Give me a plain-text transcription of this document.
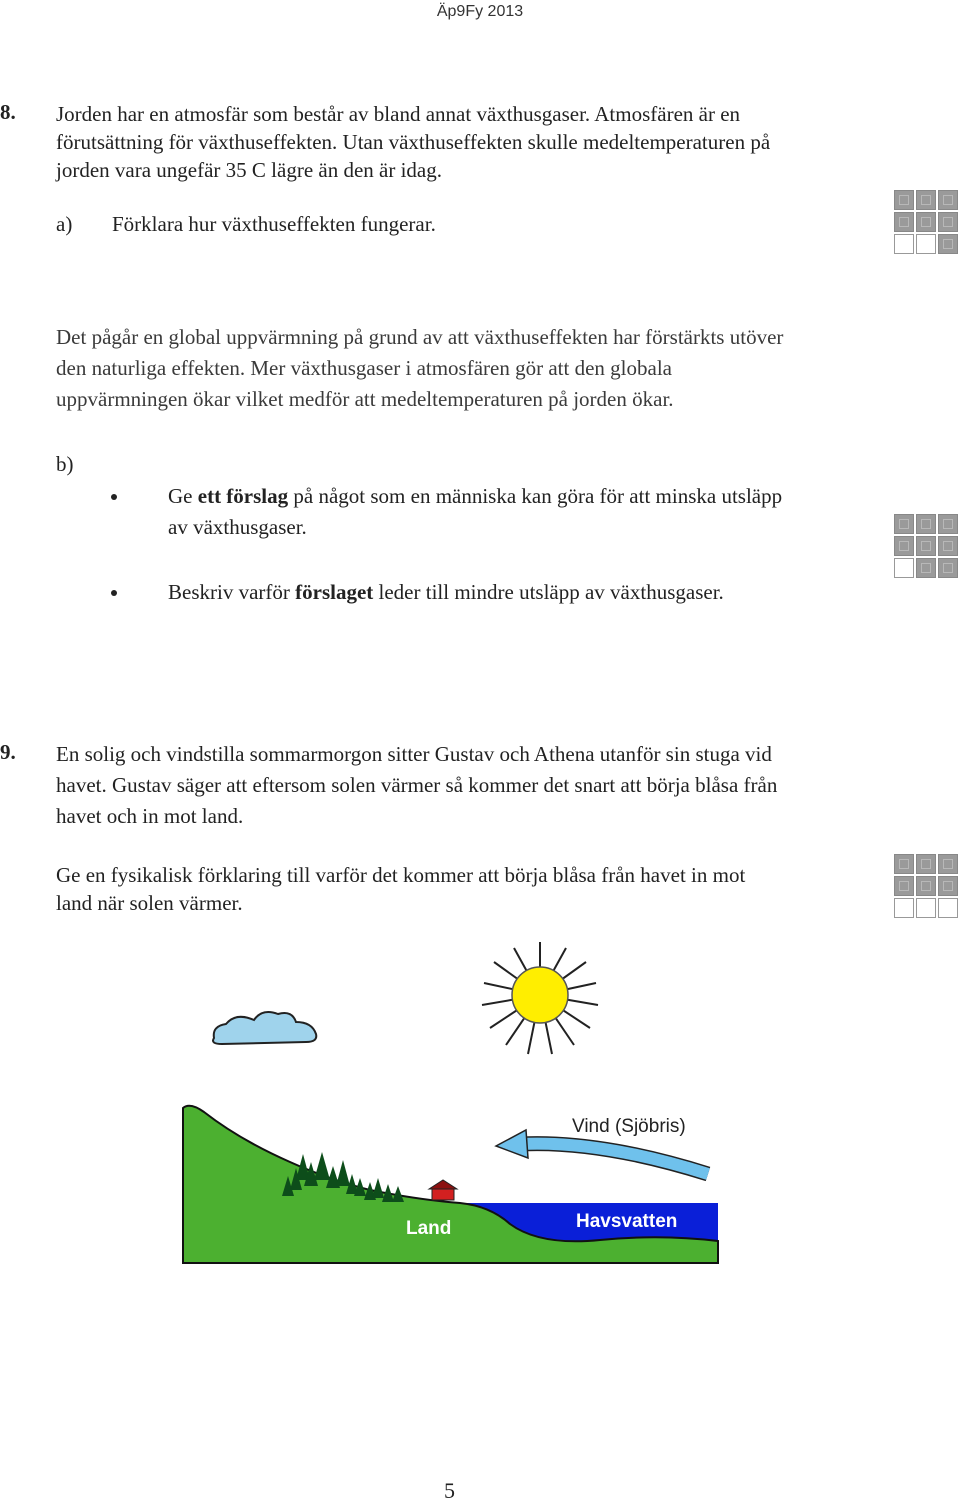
Äp9Fy 2013
8. Jorden har en atmosfär som består av bland annat växthusgaser. Atmosfären är en
förutsättning för växthuseffekten. Utan växthuseffekten skulle medeltemperaturen på
jorden vara ungefär 35 C lägre än den är idag.
a) Förklara hur växthuseffekten fungerar.
Det pågår en global uppvärmning på grund av att växthuseffekten har förstärkts utöver
den naturliga effekten. Mer växthusgaser i atmosfären gör att den globala
uppvärmningen ökar vilket medför att medeltemperaturen på jorden ökar.
b)
Ge ett förslag på något som en människa kan göra för att minska utsläpp
av växthusgaser.
Beskriv varför förslaget leder till mindre utsläpp av växthusgaser.
9. En solig och vindstilla sommarmorgon sitter Gustav och Athena utanför sin stuga vid
havet. Gustav säger att eftersom solen värmer så kommer det snart att börja blåsa från
havet och in mot land.
Ge en fysikalisk förklaring till varför det kommer att börja blåsa från havet in mot
land när solen värmer.
Vind (Sjöbris)
Land	Havsvatten
5
